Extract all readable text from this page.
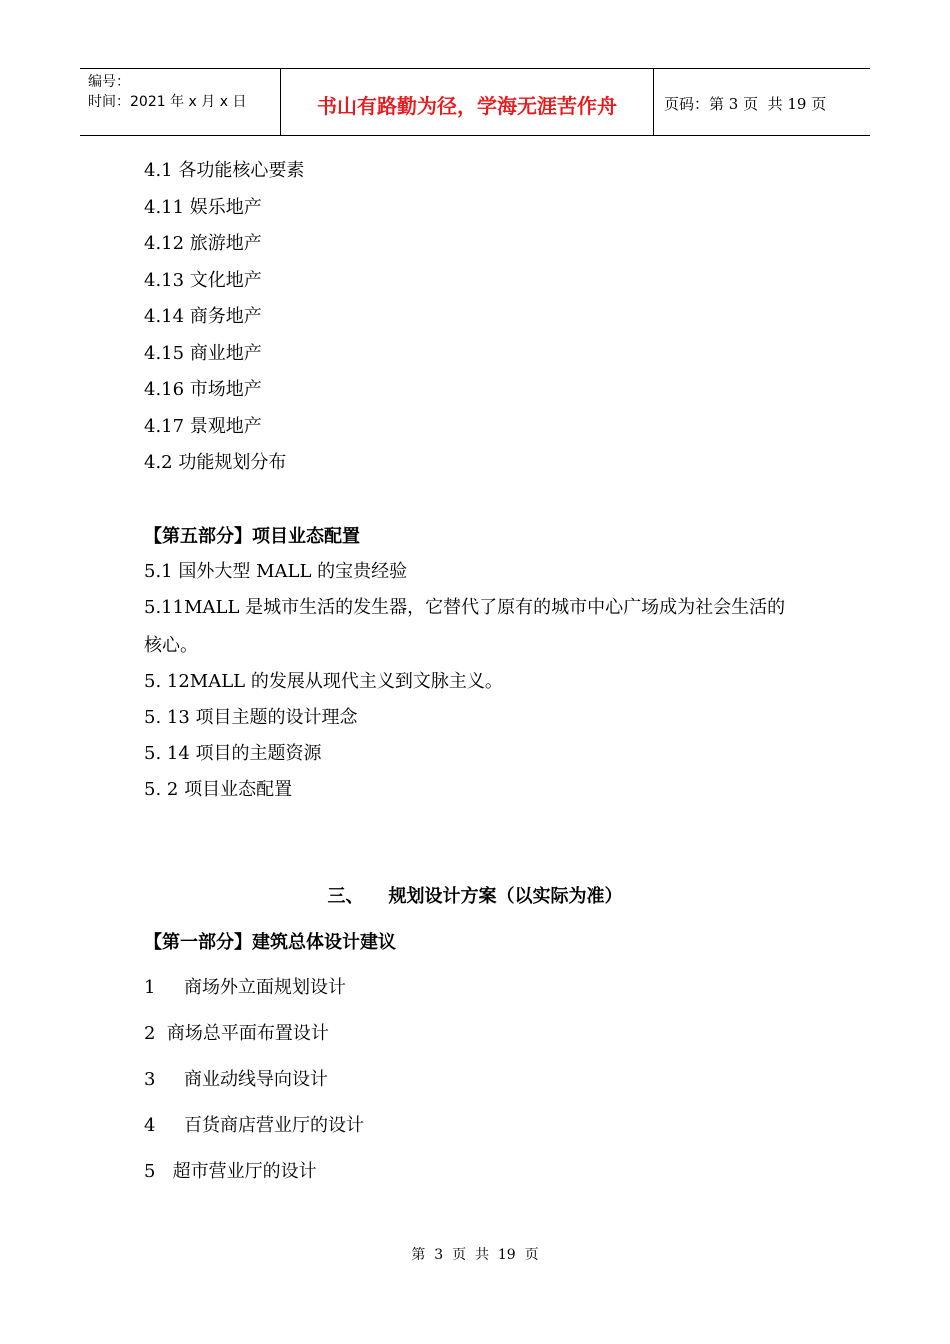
编号：
时间：2021 年 x 月 x 日	书山有路勤为径，学海无涯苦作舟	页码：第 3 页  共 19 页
4.1 各功能核心要素
4.11 娱乐地产
4.12 旅游地产
4.13 文化地产
4.14 商务地产
4.15 商业地产
4.16 市场地产
4.17 景观地产
4.2 功能规划分布
【第五部分】项目业态配置
5.1 国外大型 MALL 的宝贵经验
5.11MALL 是城市生活的发生器，它替代了原有的城市中心广场成为社会生活的
核心。
5. 12MALL 的发展从现代主义到文脉主义。
5. 13 项目主题的设计理念
5. 14 项目的主题资源
5. 2 项目业态配置
三、    规划设计方案（以实际为准）
【第一部分】建筑总体设计建议
1     商场外立面规划设计
2  商场总平面布置设计
3     商业动线导向设计
4     百货商店营业厅的设计
5   超市营业厅的设计
第  3  页  共  19  页
